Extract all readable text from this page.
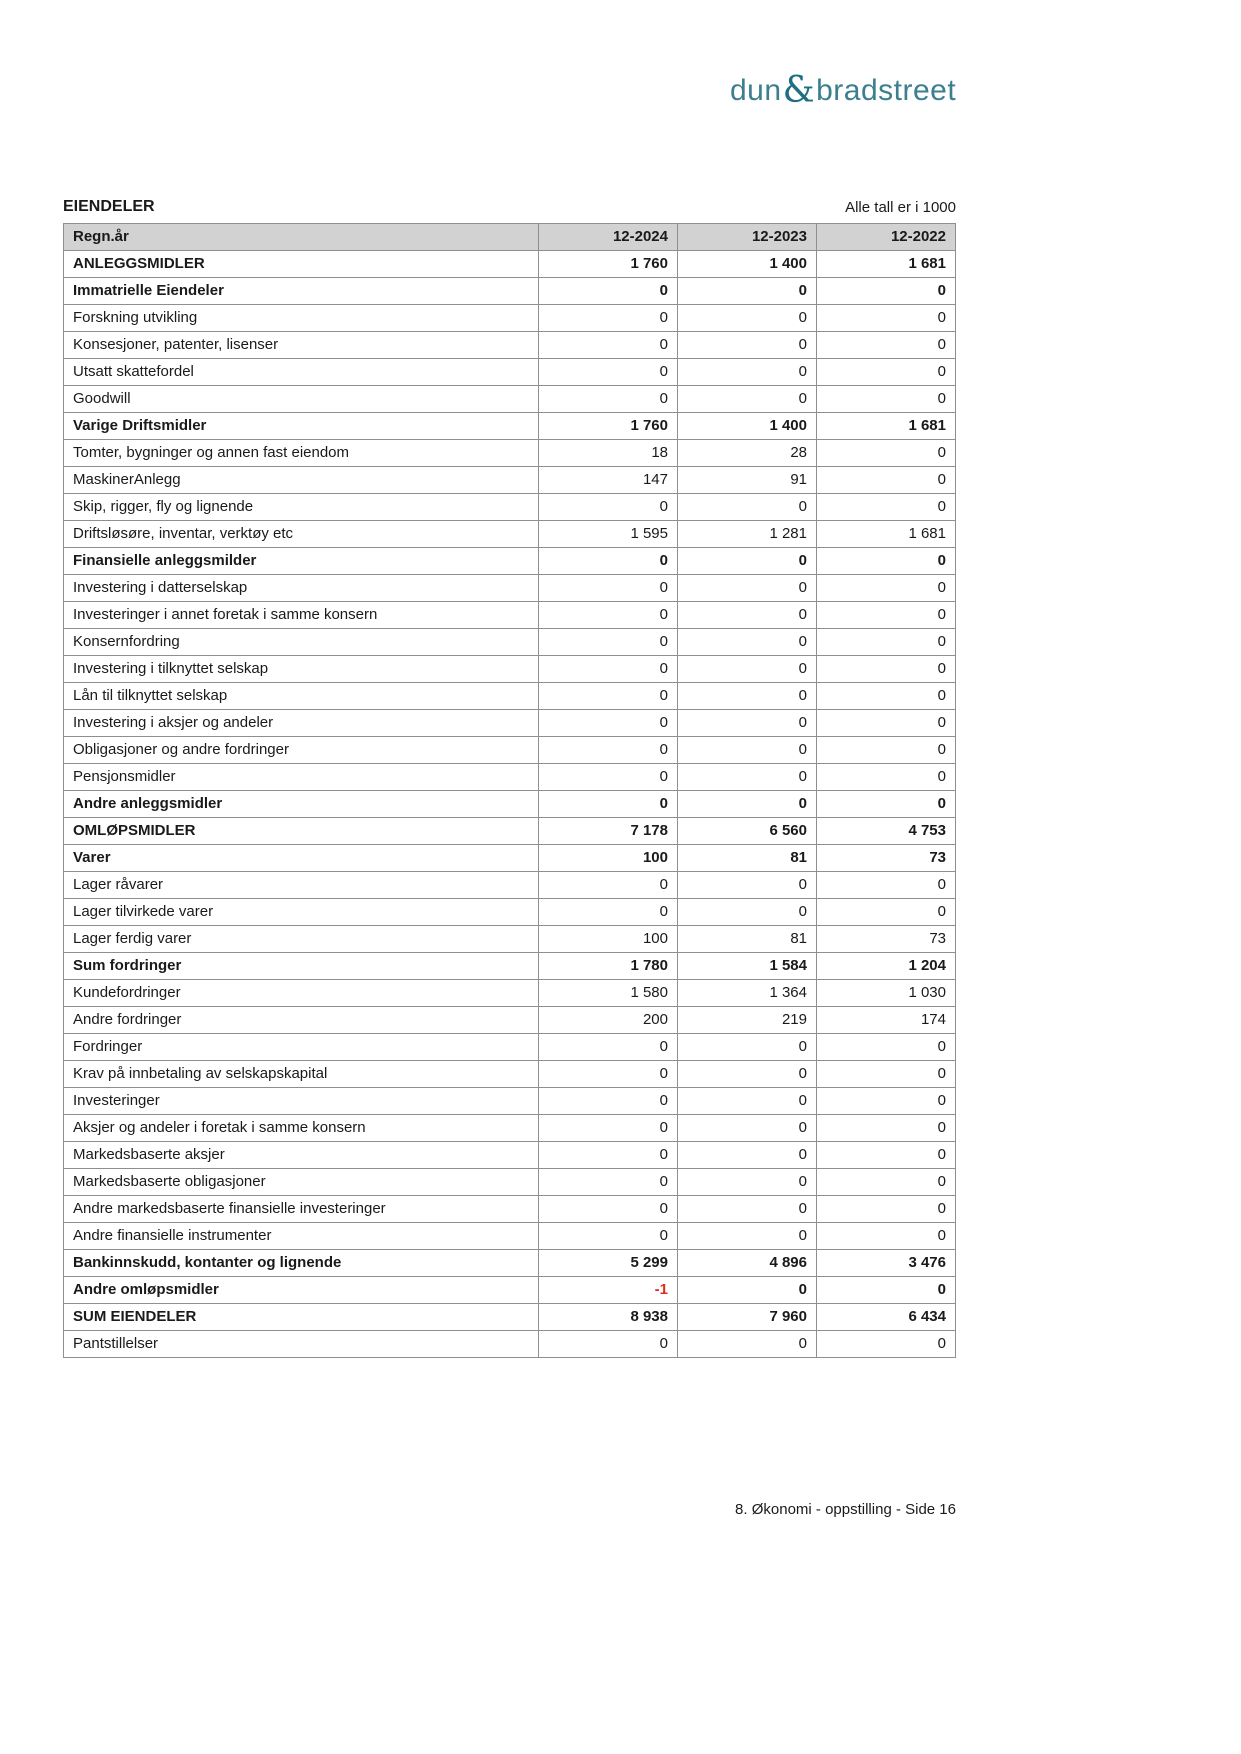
dun&bradstreet
EIENDELER	Alle tall er i 1000
Regn.år	12-2024	12-2023	12-2022
ANLEGGSMIDLER	1 760	1 400	1 681
Immatrielle Eiendeler	0	0	0
Forskning utvikling	0	0	0
Konsesjoner, patenter, lisenser	0	0	0
Utsatt skattefordel	0	0	0
Goodwill	0	0	0
Varige Driftsmidler	1 760	1 400	1 681
Tomter, bygninger og annen fast eiendom	18	28	0
MaskinerAnlegg	147	91	0
Skip, rigger, fly og lignende	0	0	0
Driftsløsøre, inventar, verktøy etc	1 595	1 281	1 681
Finansielle anleggsmilder	0	0	0
Investering i datterselskap	0	0	0
Investeringer i annet foretak i samme konsern	0	0	0
Konsernfordring	0	0	0
Investering i tilknyttet selskap	0	0	0
Lån til tilknyttet selskap	0	0	0
Investering i aksjer og andeler	0	0	0
Obligasjoner og andre fordringer	0	0	0
Pensjonsmidler	0	0	0
Andre anleggsmidler	0	0	0
OMLØPSMIDLER	7 178	6 560	4 753
Varer	100	81	73
Lager råvarer	0	0	0
Lager tilvirkede varer	0	0	0
Lager ferdig varer	100	81	73
Sum fordringer	1 780	1 584	1 204
Kundefordringer	1 580	1 364	1 030
Andre fordringer	200	219	174
Fordringer	0	0	0
Krav på innbetaling av selskapskapital	0	0	0
Investeringer	0	0	0
Aksjer og andeler i foretak i samme konsern	0	0	0
Markedsbaserte aksjer	0	0	0
Markedsbaserte obligasjoner	0	0	0
Andre markedsbaserte finansielle investeringer	0	0	0
Andre finansielle instrumenter	0	0	0
Bankinnskudd, kontanter og lignende	5 299	4 896	3 476
Andre omløpsmidler	-1	0	0
SUM EIENDELER	8 938	7 960	6 434
Pantstillelser	0	0	0
8. Økonomi - oppstilling - Side 16
